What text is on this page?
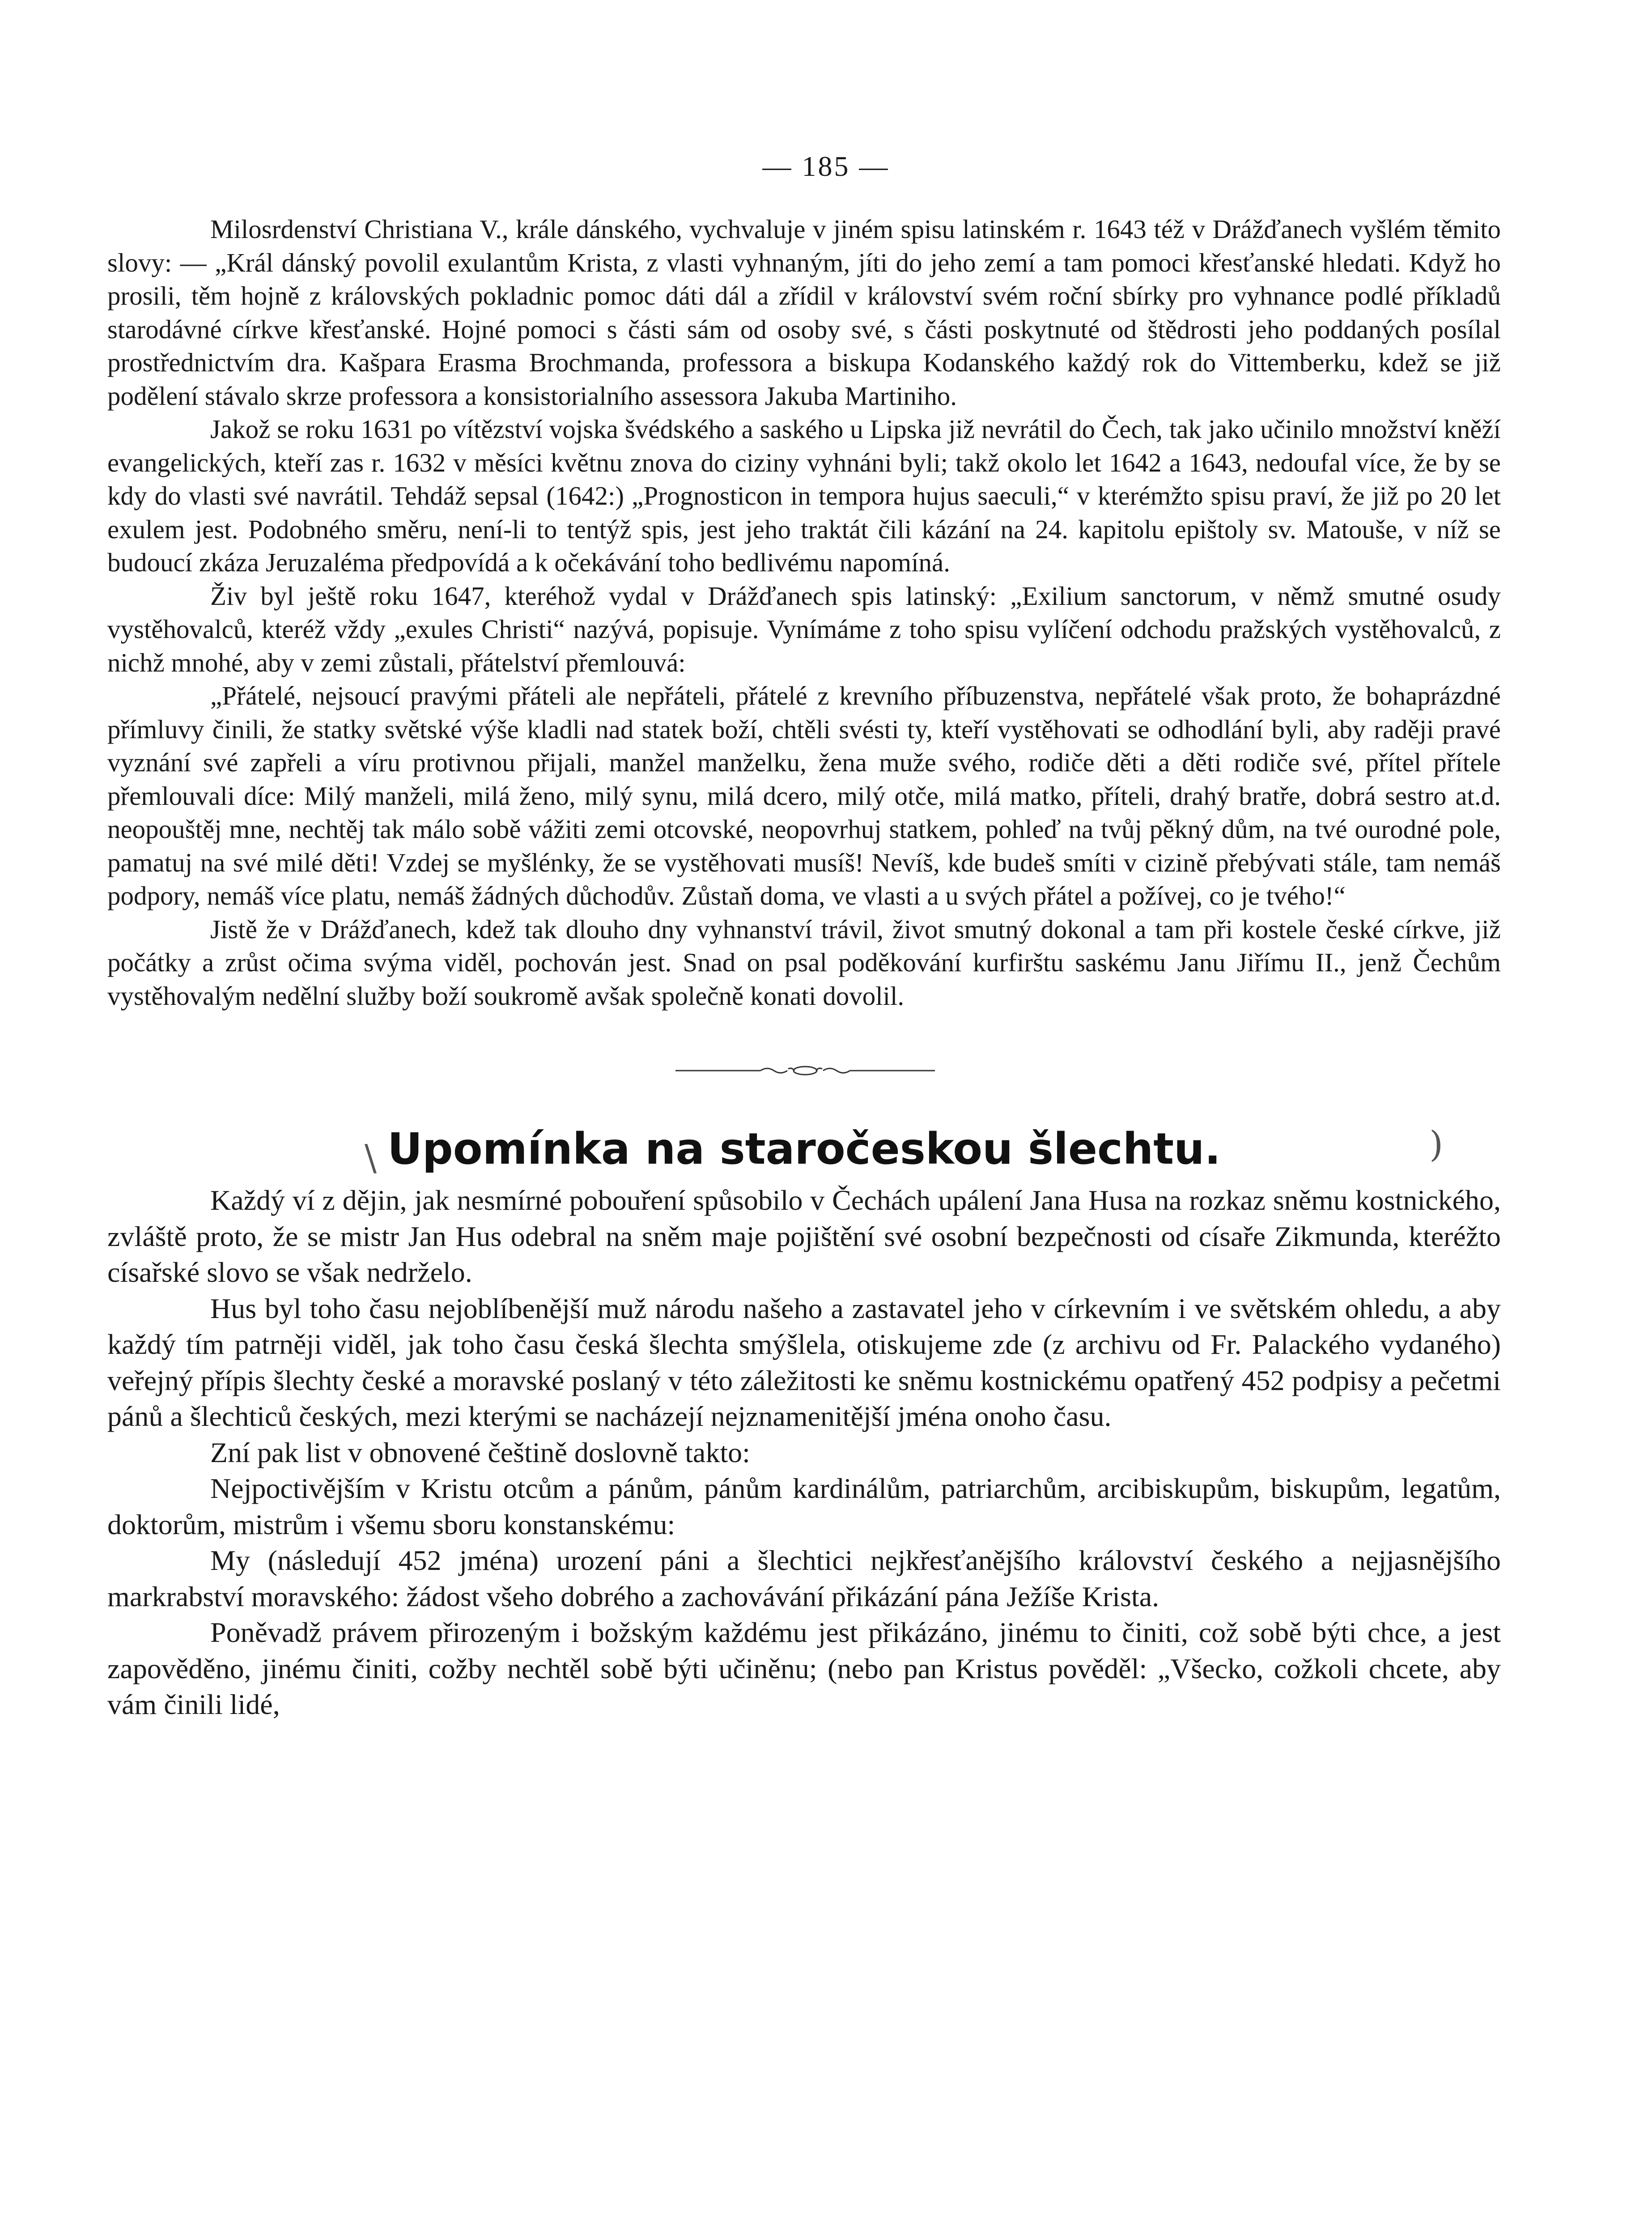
— 185 —

Milosrdenství Christiana V., krále dánského, vychvaluje v jiném spisu latinském r. 1643 též v Drážďanech vyšlém těmito slovy: — „Král dánský povolil exulantům Krista, z vlasti vyhnaným, jíti do jeho zemí a tam pomoci křesťanské hledati. Když ho prosili, těm hojně z královských pokladnic pomoc dáti dál a zřídil v království svém roční sbírky pro vyhnance podlé příkladů starodávné církve křesťanské. Hojné pomoci s části sám od osoby své, s části poskytnuté od štědrosti jeho poddaných posílal prostřednictvím dra. Kašpara Erasma Brochmanda, professora a biskupa Kodanského každý rok do Vittemberku, kdež se již podělení stávalo skrze professora a konsistorialního assessora Jakuba Martiniho.

Jakož se roku 1631 po vítězství vojska švédského a saského u Lipska již nevrátil do Čech, tak jako učinilo množství kněží evangelických, kteří zas r. 1632 v měsíci květnu znova do ciziny vyhnáni byli; takž okolo let 1642 a 1643, nedoufal více, že by se kdy do vlasti své navrátil. Tehdáž sepsal (1642:) „Prognosticon in tempora hujus saeculi,“ v kterémžto spisu praví, že již po 20 let exulem jest. Podobného směru, není-li to tentýž spis, jest jeho traktát čili kázání na 24. kapitolu epištoly sv. Matouše, v níž se budoucí zkáza Jeruzaléma předpovídá a k očekávání toho bedlivému napomíná.

Živ byl ještě roku 1647, kteréhož vydal v Drážďanech spis latinský: „Exilium sanctorum, v němž smutné osudy vystěhovalců, kteréž vždy „exules Christi“ nazývá, popisuje. Vynímáme z toho spisu vylíčení odchodu pražských vystěhovalců, z nichž mnohé, aby v zemi zůstali, přátelství přemlouvá:

„Přátelé, nejsoucí pravými přáteli ale nepřáteli, přátelé z krevního příbuzenstva, nepřátelé však proto, že bohaprázdné přímluvy činili, že statky světské výše kladli nad statek boží, chtěli svésti ty, kteří vystěhovati se odhodlání byli, aby raději pravé vyznání své zapřeli a víru protivnou přijali, manžel manželku, žena muže svého, rodiče děti a děti rodiče své, přítel přítele přemlouvali díce: Milý manželi, milá ženo, milý synu, milá dcero, milý otče, milá matko, příteli, drahý bratře, dobrá sestro at.d. neopouštěj mne, nechtěj tak málo sobě vážiti zemi otcovské, neopovrhuj statkem, pohleď na tvůj pěkný dům, na tvé ourodné pole, pamatuj na své milé děti! Vzdej se myšlénky, že se vystěhovati musíš! Nevíš, kde budeš smíti v cizině přebývati stále, tam nemáš podpory, nemáš více platu, nemáš žádných důchodův. Zůstaň doma, ve vlasti a u svých přátel a požívej, co je tvého!“

Jistě že v Drážďanech, kdež tak dlouho dny vyhnanství trávil, život smutný dokonal a tam při kostele české církve, již počátky a zrůst očima svýma viděl, pochován jest. Snad on psal poděkování kurfirštu saskému Janu Jiřímu II., jenž Čechům vystěhovalým nedělní služby boží soukromě avšak společně konati dovolil.

\ Upomínka na staročeskou šlechtu.	)

Každý ví z dějin, jak nesmírné pobouření spůsobilo v Čechách upálení Jana Husa na rozkaz sněmu kostnického, zvláště proto, že se mistr Jan Hus odebral na sněm maje pojištění své osobní bezpečnosti od císaře Zikmunda, kteréžto císařské slovo se však nedrželo.

Hus byl toho času nejoblíbenější muž národu našeho a zastavatel jeho v církevním i ve světském ohledu, a aby každý tím patrněji viděl, jak toho času česká šlechta smýšlela, otiskujeme zde (z archivu od Fr. Palackého vydaného) veřejný přípis šlechty české a moravské poslaný v této záležitosti ke sněmu kostnickému opatřený 452 podpisy a pečetmi pánů a šlechticů českých, mezi kterými se nacházejí nejznamenitější jména onoho času.

Zní pak list v obnovené češtině doslovně takto:

Nejpoctivějším v Kristu otcům a pánům, pánům kardinálům, patriarchům, arcibiskupům, biskupům, legatům, doktorům, mistrům i všemu sboru konstanskému:

My (následují 452 jména) urození páni a šlechtici nejkřesťanějšího království českého a nejjasnějšího markrabství moravského: žádost všeho dobrého a zachovávání přikázání pána Ježíše Krista.

Poněvadž právem přirozeným i božským každému jest přikázáno, jinému to činiti, což sobě býti chce, a jest zapověděno, jinému činiti, cožby nechtěl sobě býti učiněnu; (nebo pan Kristus pověděl: „Všecko, cožkoli chcete, aby vám činili lidé,
